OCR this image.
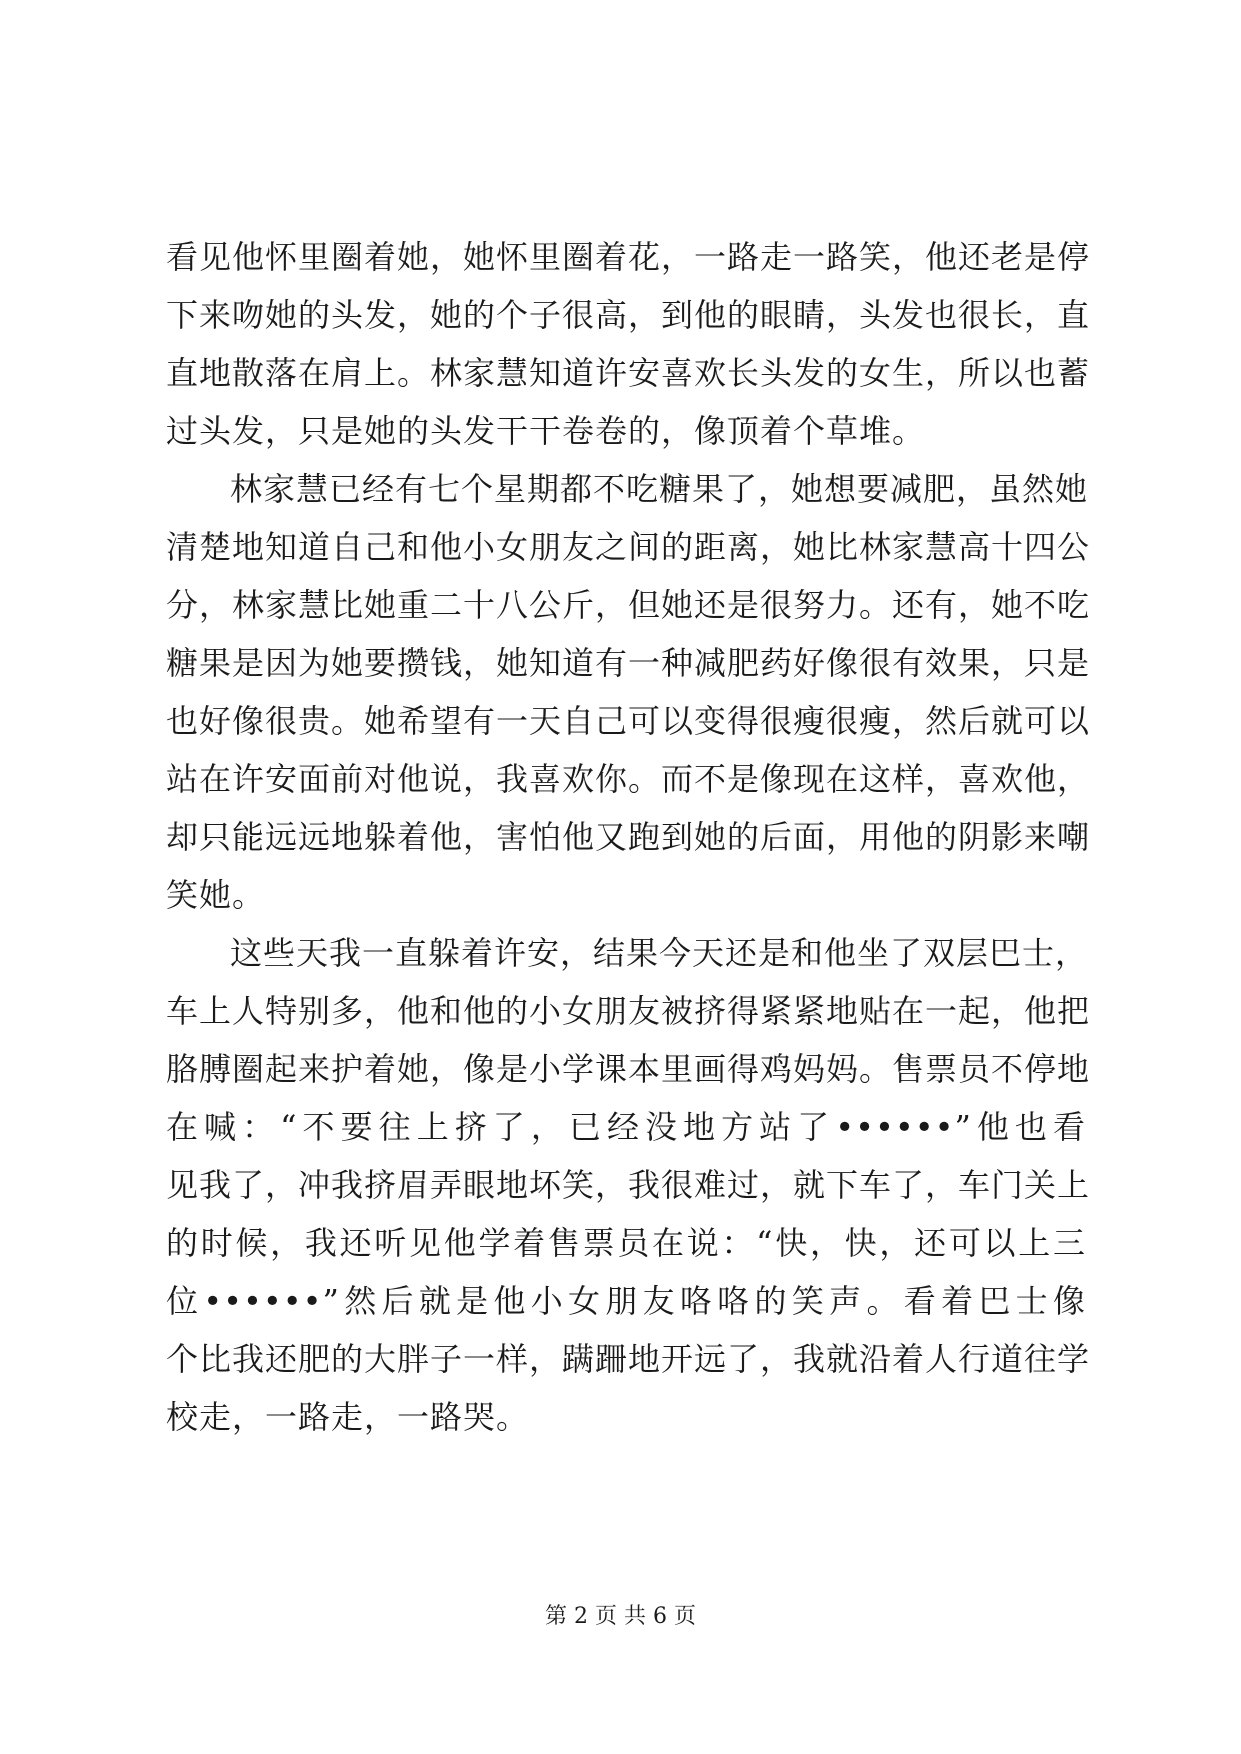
看见他怀里圈着她，她怀里圈着花，一路走一路笑，他还老是停
下来吻她的头发，她的个子很高，到他的眼睛，头发也很长，直
直地散落在肩上。林家慧知道许安喜欢长头发的女生，所以也蓄
过头发，只是她的头发干干卷卷的，像顶着个草堆。
林家慧已经有七个星期都不吃糖果了，她想要减肥，虽然她
清楚地知道自己和他小女朋友之间的距离，她比林家慧高十四公
分，林家慧比她重二十八公斤，但她还是很努力。还有，她不吃
糖果是因为她要攒钱，她知道有一种减肥药好像很有效果，只是
也好像很贵。她希望有一天自己可以变得很瘦很瘦，然后就可以
站在许安面前对他说，我喜欢你。而不是像现在这样，喜欢他，
却只能远远地躲着他，害怕他又跑到她的后面，用他的阴影来嘲
笑她。
这些天我一直躲着许安，结果今天还是和他坐了双层巴士，
车上人特别多，他和他的小女朋友被挤得紧紧地贴在一起，他把
胳膊圈起来护着她，像是小学课本里画得鸡妈妈。售票员不停地
在喊：“不要往上挤了，已经没地方站了••••••”他也看
见我了，冲我挤眉弄眼地坏笑，我很难过，就下车了，车门关上
的时候，我还听见他学着售票员在说：“快，快，还可以上三
位••••••”然后就是他小女朋友咯咯的笑声。看着巴士像
个比我还肥的大胖子一样，蹒跚地开远了，我就沿着人行道往学
校走，一路走，一路哭。
第 2 页 共 6 页
